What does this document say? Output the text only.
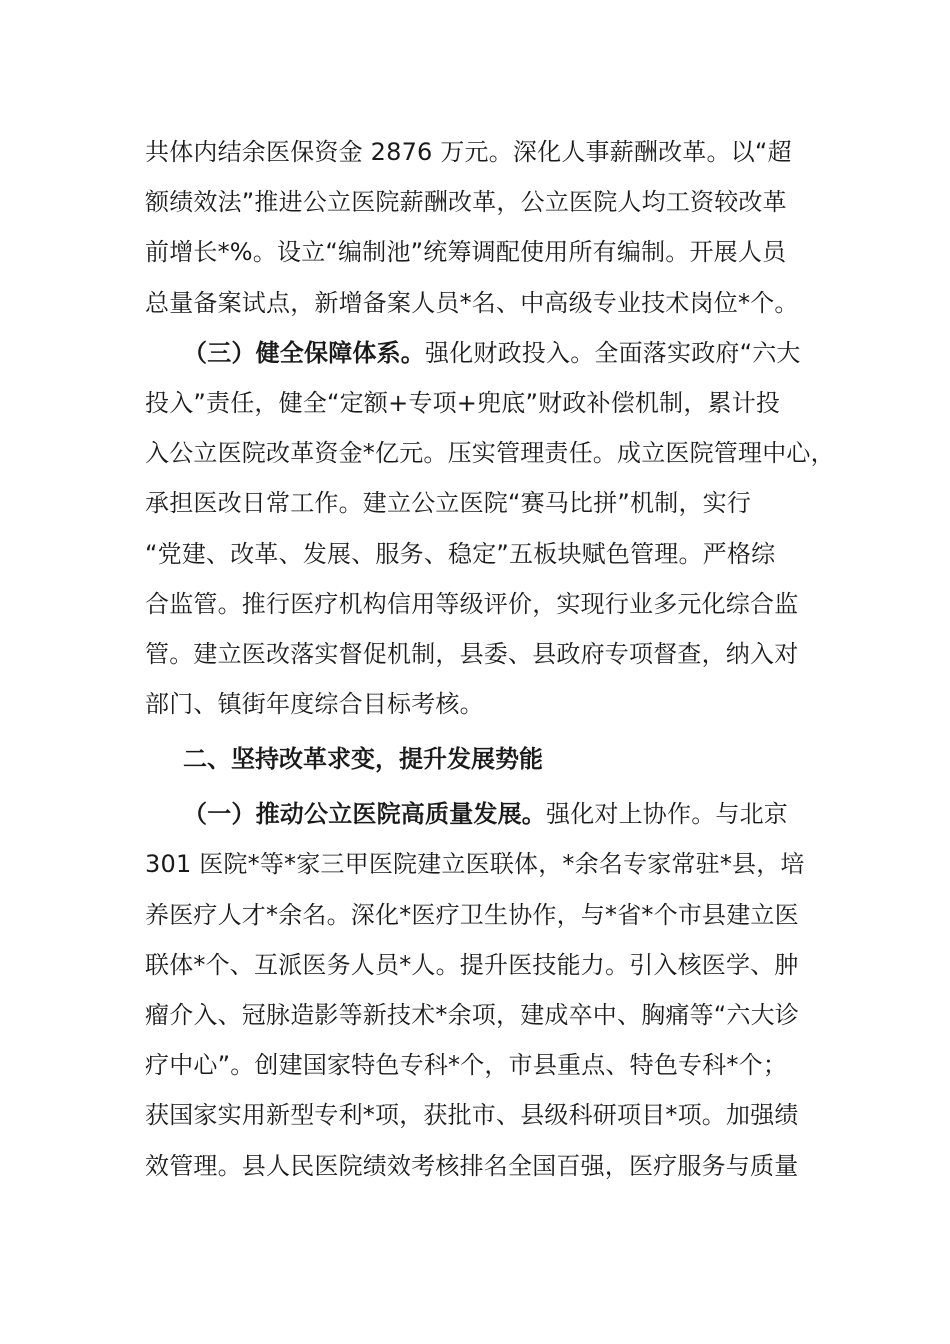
共体内结余医保资金 2876 万元。深化人事薪酬改革。以“超
额绩效法”推进公立医院薪酬改革，公立医院人均工资较改革
前增长*%。设立“编制池”统筹调配使用所有编制。开展人员
总量备案试点，新增备案人员*名、中高级专业技术岗位*个。
（三）健全保障体系。强化财政投入。全面落实政府“六大
投入”责任，健全“定额+专项+兜底”财政补偿机制，累计投
入公立医院改革资金*亿元。压实管理责任。成立医院管理中心，
承担医改日常工作。建立公立医院“赛马比拼”机制，实行
“党建、改革、发展、服务、稳定”五板块赋色管理。严格综
合监管。推行医疗机构信用等级评价，实现行业多元化综合监
管。建立医改落实督促机制，县委、县政府专项督查，纳入对
部门、镇街年度综合目标考核。
二、坚持改革求变，提升发展势能
（一）推动公立医院高质量发展。强化对上协作。与北京
301 医院*等*家三甲医院建立医联体，*余名专家常驻*县，培
养医疗人才*余名。深化*医疗卫生协作，与*省*个市县建立医
联体*个、互派医务人员*人。提升医技能力。引入核医学、肿
瘤介入、冠脉造影等新技术*余项，建成卒中、胸痛等“六大诊
疗中心”。创建国家特色专科*个，市县重点、特色专科*个；
获国家实用新型专利*项，获批市、县级科研项目*项。加强绩
效管理。县人民医院绩效考核排名全国百强，医疗服务与质量
